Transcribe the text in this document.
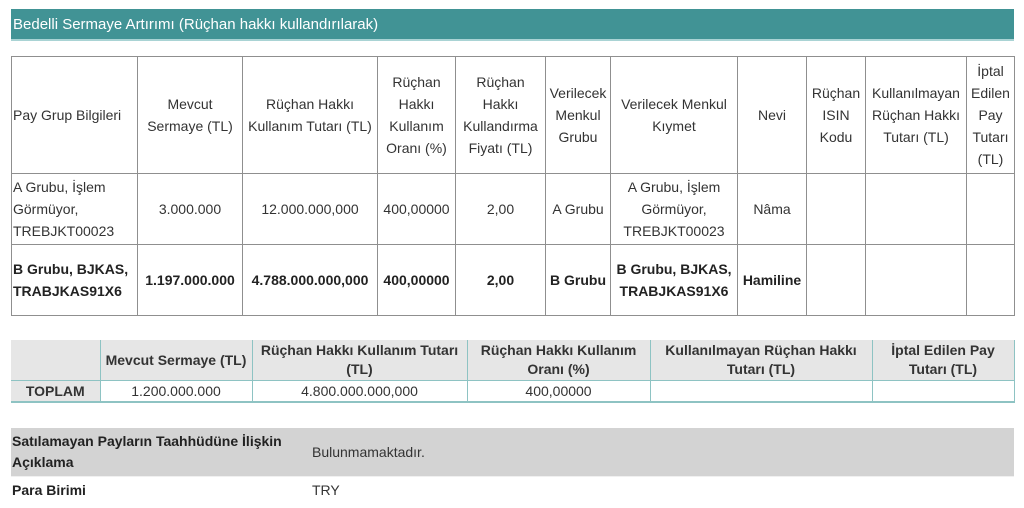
Bedelli Sermaye Artırımı (Rüçhan hakkı kullandırılarak)
Pay Grup Bilgileri	Mevcut Sermaye (TL)	Rüçhan Hakkı Kullanım Tutarı (TL)	Rüçhan Hakkı Kullanım Oranı (%)	Rüçhan Hakkı Kullandırma Fiyatı (TL)	Verilecek Menkul Grubu	Verilecek Menkul Kıymet	Nevi	Rüçhan ISIN Kodu	Kullanılmayan Rüçhan Hakkı Tutarı (TL)	İptal Edilen Pay Tutarı (TL)
A Grubu, İşlem Görmüyor, TREBJKT00023	3.000.000	12.000.000,000	400,00000	2,00	A Grubu	A Grubu, İşlem Görmüyor, TREBJKT00023	Nâma			
B Grubu, BJKAS, TRABJKAS91X6	1.197.000.000	4.788.000.000,000	400,00000	2,00	B Grubu	B Grubu, BJKAS, TRABJKAS91X6	Hamiline			
	Mevcut Sermaye (TL)	Rüçhan Hakkı Kullanım Tutarı (TL)	Rüçhan Hakkı Kullanım Oranı (%)	Kullanılmayan Rüçhan Hakkı Tutarı (TL)	İptal Edilen Pay Tutarı (TL)
TOPLAM	1.200.000.000	4.800.000.000,000	400,00000		
Satılamayan Payların Taahhüdüne İlişkin Açıklama
Bulunmamaktadır.
Para Birimi	TRY
